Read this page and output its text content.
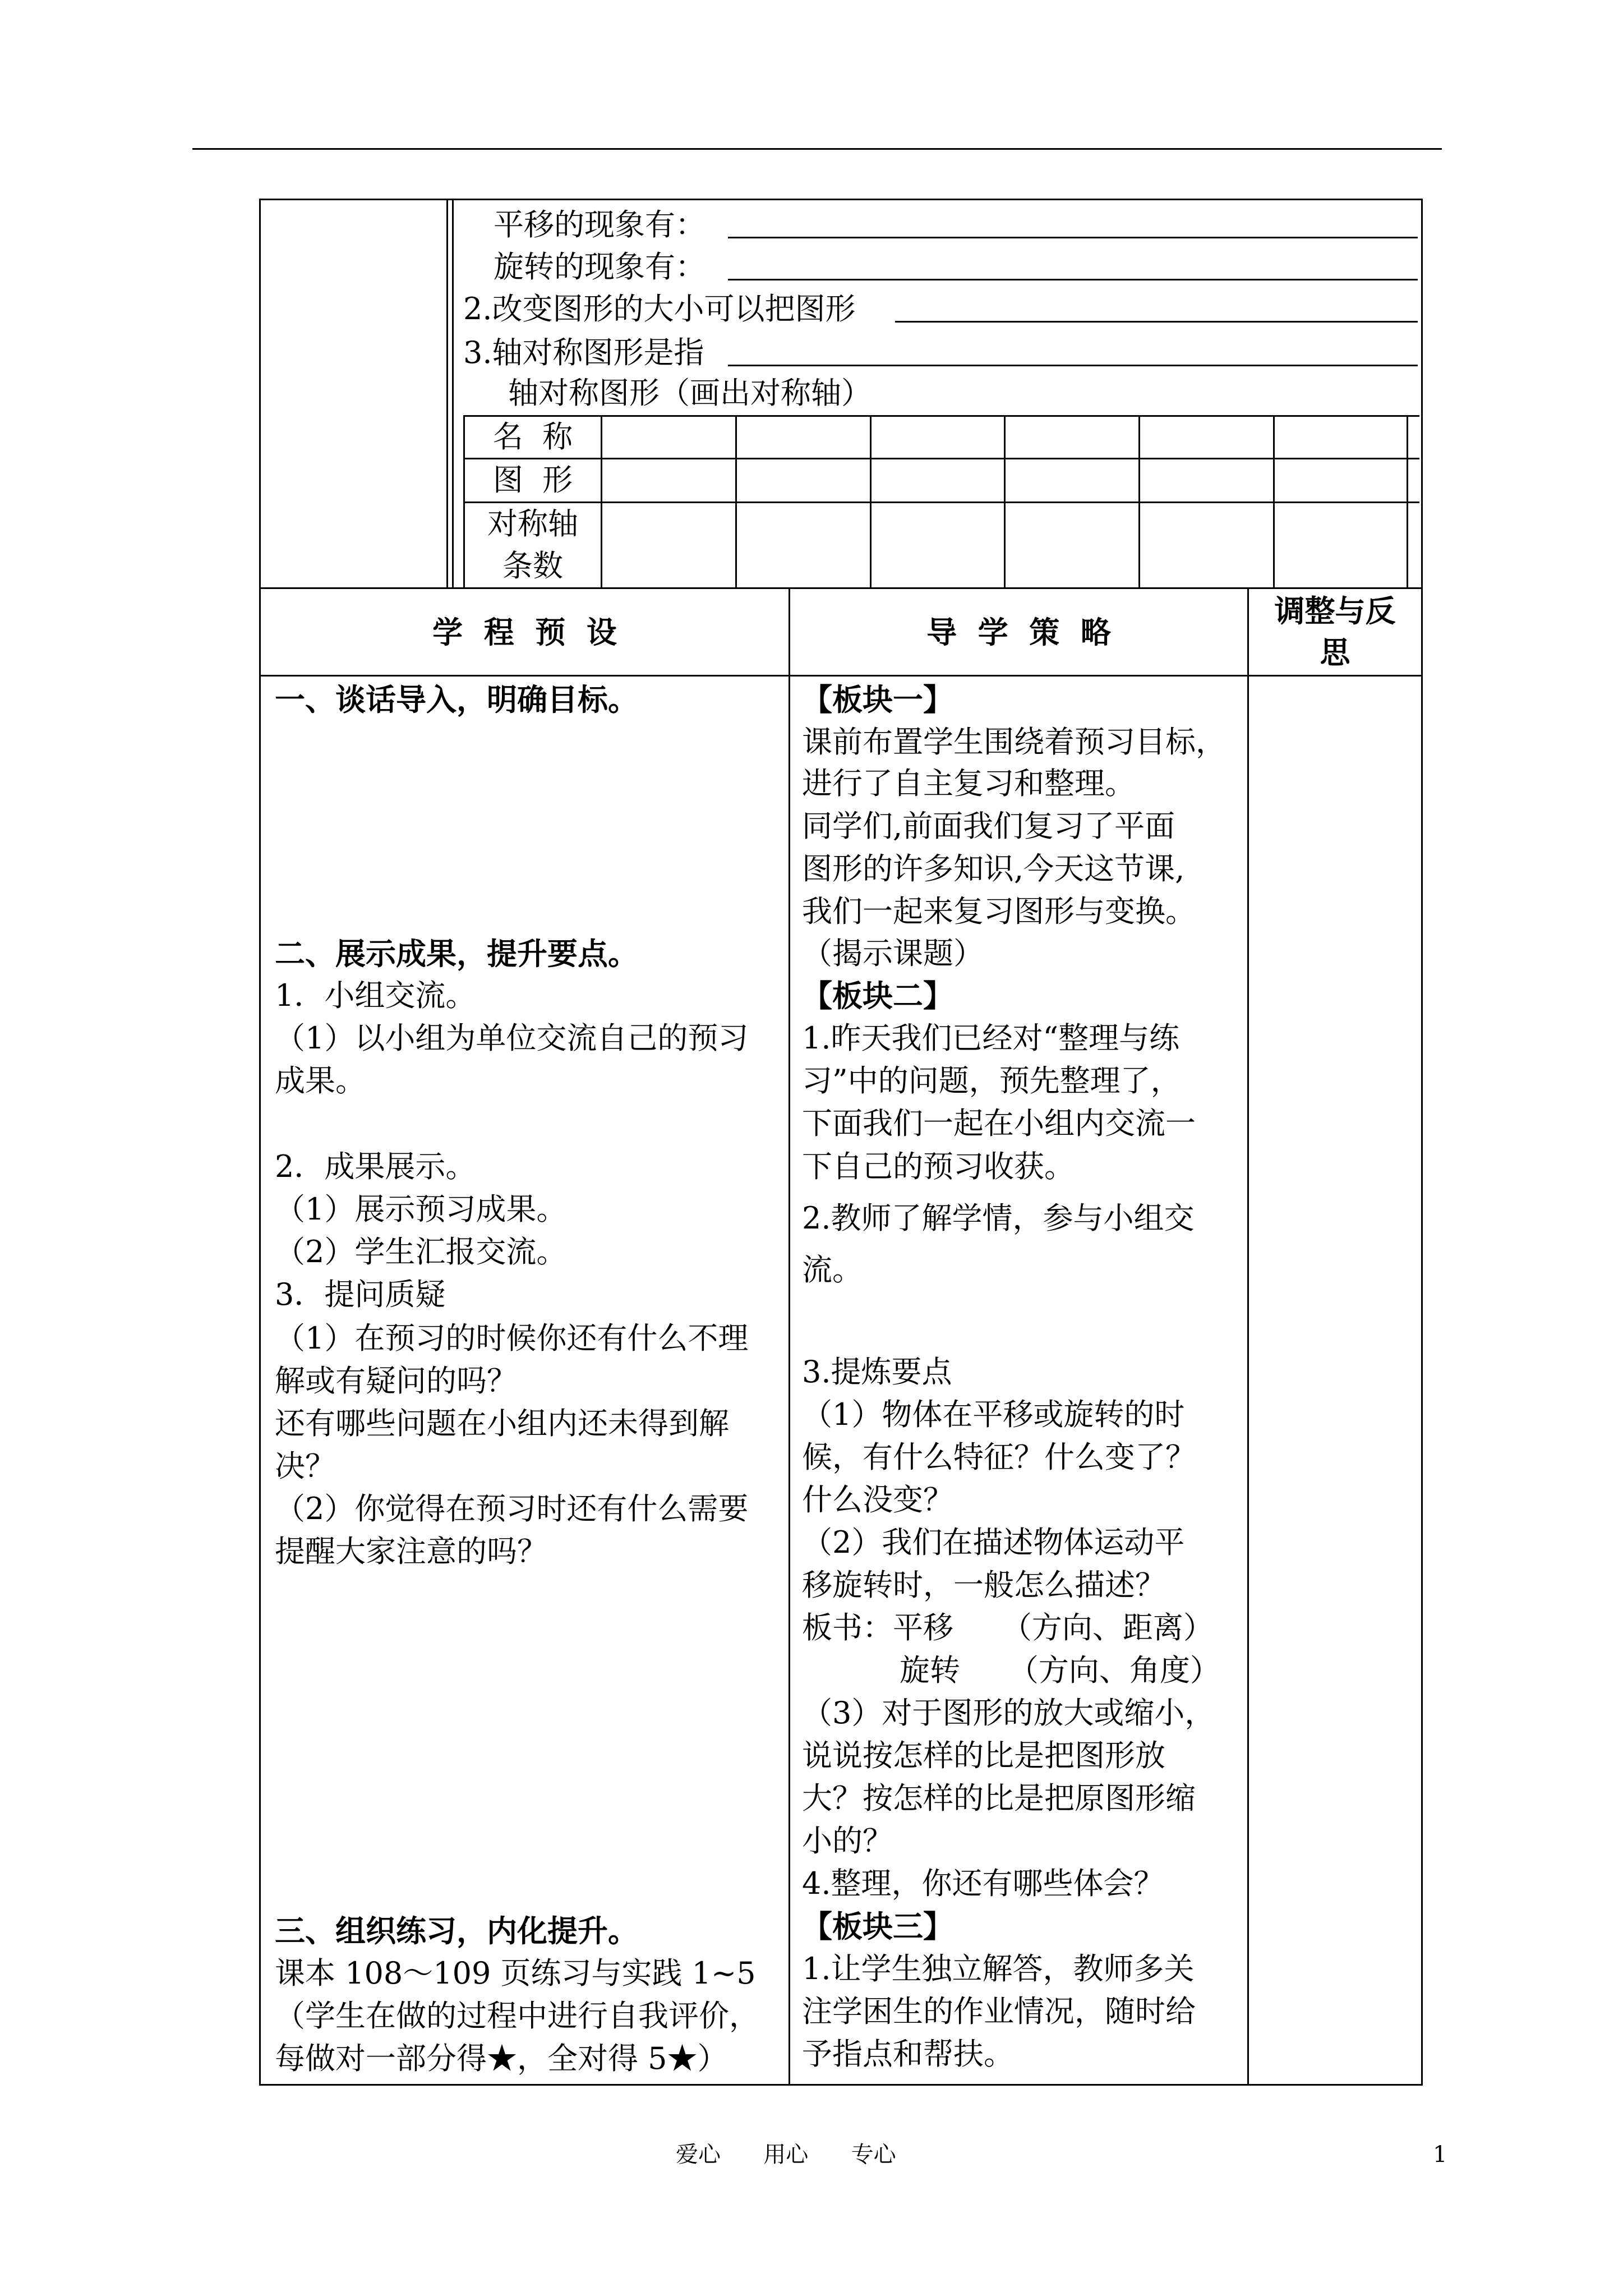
平移的现象有：
旋转的现象有：
2.改变图形的大小可以把图形
3.轴对称图形是指
轴对称图形（画出对称轴）
名  称
图  形
对称轴
条数
学  程  预  设	导  学  策  略
调整与反
思
一、谈话导入，明确目标。
二、展示成果，提升要点。
1．小组交流。
（1）以小组为单位交流自己的预习
成果。
2．成果展示。
（1）展示预习成果。
（2）学生汇报交流。
3．提问质疑
（1）在预习的时候你还有什么不理
解或有疑问的吗？
还有哪些问题在小组内还未得到解
决？
（2）你觉得在预习时还有什么需要
提醒大家注意的吗？
三、组织练习，内化提升。
课本 108～109 页练习与实践 1~5
（学生在做的过程中进行自我评价，
每做对一部分得★，全对得 5★）
【板块一】
课前布置学生围绕着预习目标，
进行了自主复习和整理。
同学们,前面我们复习了平面
图形的许多知识,今天这节课,
我们一起来复习图形与变换。
（揭示课题）
【板块二】
1.昨天我们已经对“整理与练
习”中的问题，预先整理了，
下面我们一起在小组内交流一
下自己的预习收获。
2.教师了解学情，参与小组交
流。
3.提炼要点
（1）物体在平移或旋转的时
候，有什么特征？什么变了？
什么没变？
（2）我们在描述物体运动平
移旋转时，一般怎么描述？
板书：平移     （方向、距离）
旋转     （方向、角度）
（3）对于图形的放大或缩小，
说说按怎样的比是把图形放
大？按怎样的比是把原图形缩
小的？
4.整理，你还有哪些体会？
【板块三】
1.让学生独立解答，教师多关
注学困生的作业情况，随时给
予指点和帮扶。
爱心      用心      专心	1
